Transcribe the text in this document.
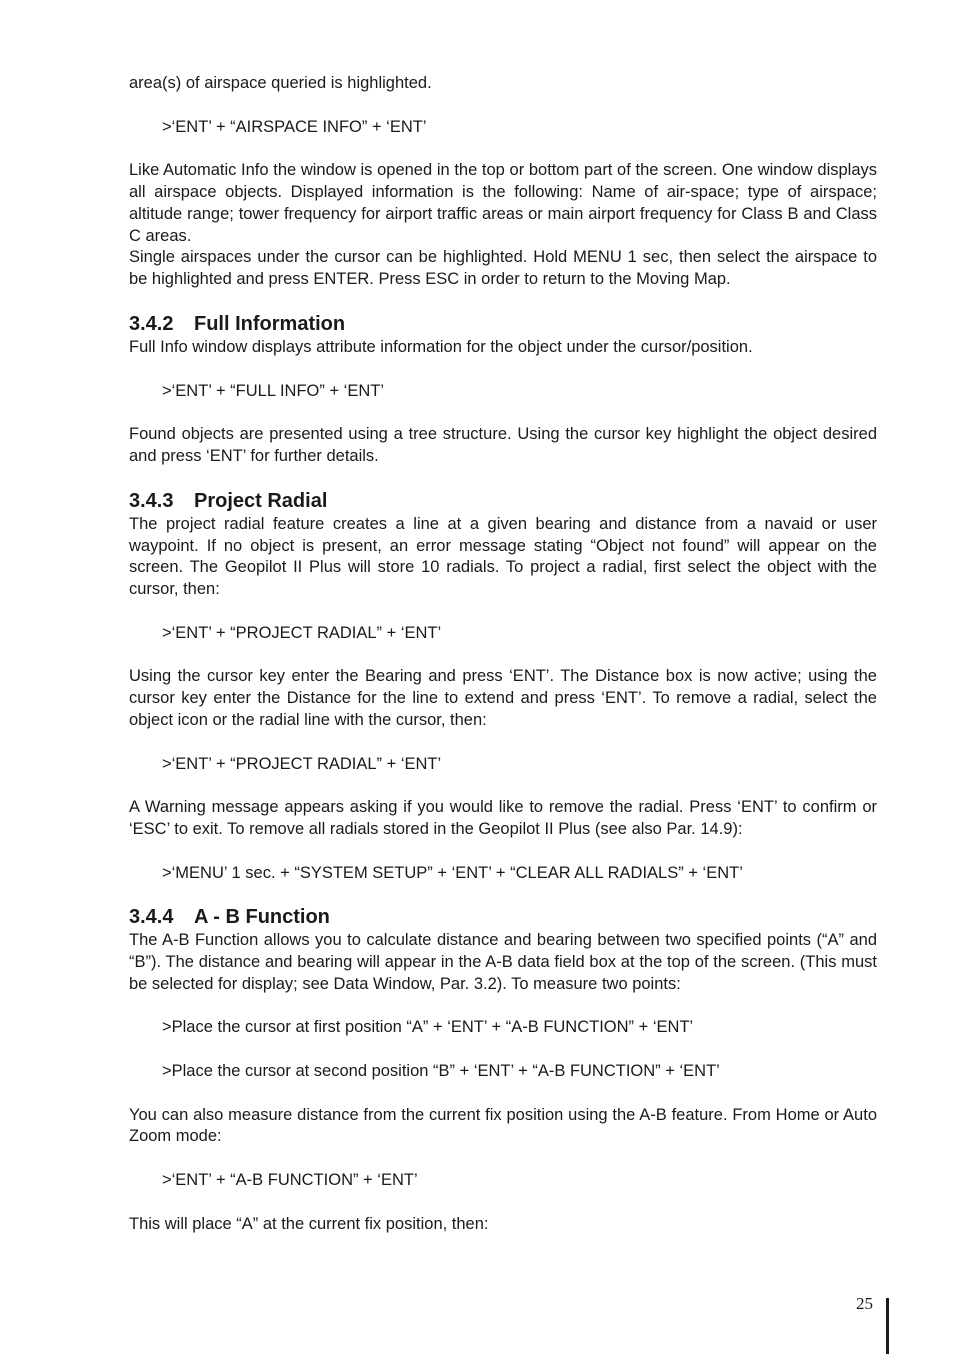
area(s) of airspace queried is highlighted.

>‘ENT’ + “AIRSPACE INFO” + ‘ENT’

Like Automatic Info the window is opened in the top or bottom part of the screen. One window displays all airspace objects. Displayed information is the following: Name of air-space; type of airspace; altitude range; tower frequency for airport traffic areas or main airport frequency for Class B and Class C areas.

Single airspaces under the cursor can be highlighted. Hold MENU 1 sec, then select the airspace to be highlighted and press ENTER. Press ESC in order to return to the Moving Map.

3.4.2 Full Information

Full Info window displays attribute information for the object under the cursor/position.

>‘ENT’ + “FULL INFO” + ‘ENT’

Found objects are presented using a tree structure. Using the cursor key highlight the object desired and press ‘ENT’ for further details.

3.4.3 Project Radial

The project radial feature creates a line at a given bearing and distance from a navaid or user waypoint. If no object is present, an error message stating “Object not found” will appear on the screen. The Geopilot II Plus will store 10 radials. To project a radial, first select the object with the cursor, then:

>‘ENT’ + “PROJECT RADIAL” + ‘ENT’

Using the cursor key enter the Bearing and press ‘ENT’. The Distance box is now active; using the cursor key enter the Distance for the line to extend and press ‘ENT’. To remove a radial, select the object icon or the radial line with the cursor, then:

>‘ENT’ + “PROJECT RADIAL” + ‘ENT’

A Warning message appears asking if you would like to remove the radial. Press ‘ENT’ to confirm or ‘ESC’ to exit. To remove all radials stored in the Geopilot II Plus (see also Par. 14.9):

>‘MENU’ 1 sec. + “SYSTEM SETUP” + ‘ENT’ + “CLEAR ALL RADIALS” + ‘ENT’

3.4.4 A - B Function

The A-B Function allows you to calculate distance and bearing between two specified points (“A” and “B”). The distance and bearing will appear in the A-B data field box at the top of the screen. (This must be selected for display; see Data Window, Par. 3.2). To measure two points:

>Place the cursor at first position “A” + ‘ENT’ + “A-B FUNCTION” + ‘ENT’

>Place the cursor at second position “B” + ‘ENT’ + “A-B FUNCTION” + ‘ENT’

You can also measure distance from the current fix position using the A-B feature. From Home or Auto Zoom mode:

>‘ENT’ + “A-B FUNCTION” + ‘ENT’

This will place “A” at the current fix position, then:

25
